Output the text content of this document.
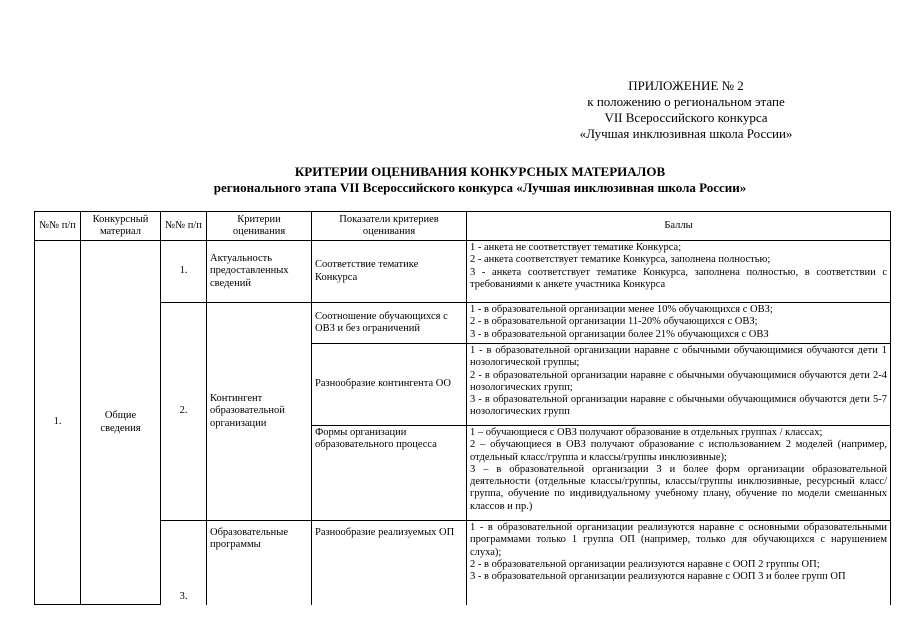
ПРИЛОЖЕНИЕ № 2
к положению о региональном этапе
VII Всероссийского конкурса
«Лучшая инклюзивная школа России»
КРИТЕРИИ ОЦЕНИВАНИЯ КОНКУРСНЫХ МАТЕРИАЛОВ
регионального этапа VII Всероссийского конкурса «Лучшая инклюзивная школа России»
№№ п/п	Конкурсный материал	№№ п/п	Критерии оценивания	Показатели критериев оценивания	Баллы
1.	Общие сведения	1.	Актуальность предоставленных сведений	Соответствие тематике Конкурса	1 - анкета не соответствует тематике Конкурса;
2 - анкета соответствует тематике Конкурса, заполнена полностью;
3 - анкета соответствует тематике Конкурса, заполнена полностью, в соответствии с требованиями к анкете участника Конкурса

		2.	Контингент образовательной организации	Соотношение обучающихся с ОВЗ и без ограничений	1 - в образовательной организации менее 10% обучающихся с ОВЗ;
2 - в образовательной организации 11-20% обучающихся с ОВЗ;
3 - в образовательной организации более 21% обучающихся с ОВЗ

				Разнообразие контингента ОО	1 - в образовательной организации наравне с обычными обучающимися обучаются дети 1 нозологической группы;
2 - в образовательной организации наравне с обычными обучающимися обучаются дети 2-4 нозологических групп;
3 - в образовательной организации наравне с обычными обучающимися обучаются дети 5-7 нозологических групп

				Формы организации образовательного процесса	1 – обучающиеся с ОВЗ получают образование в отдельных группах / классах;
2 – обучающиеся в ОВЗ получают образование с использованием 2 моделей (например, отдельный класс/группа и классы/группы инклюзивные);
3 – в образовательной организации 3 и более форм организации образовательной деятельности (отдельные классы/группы, классы/группы инклюзивные, ресурсный класс/группа, обучение по индивидуальному учебному плану, обучение по модели смешанных классов и пр.)

		3.	Образовательные программы	Разнообразие реализуемых ОП	1 - в образовательной организации реализуются наравне с основными образовательными программами только 1 группа ОП (например, только для обучающихся с нарушением слуха);
2 - в образовательной организации реализуются наравне с ООП 2 группы ОП;
3 - в образовательной организации реализуются наравне с ООП 3 и более групп ОП
